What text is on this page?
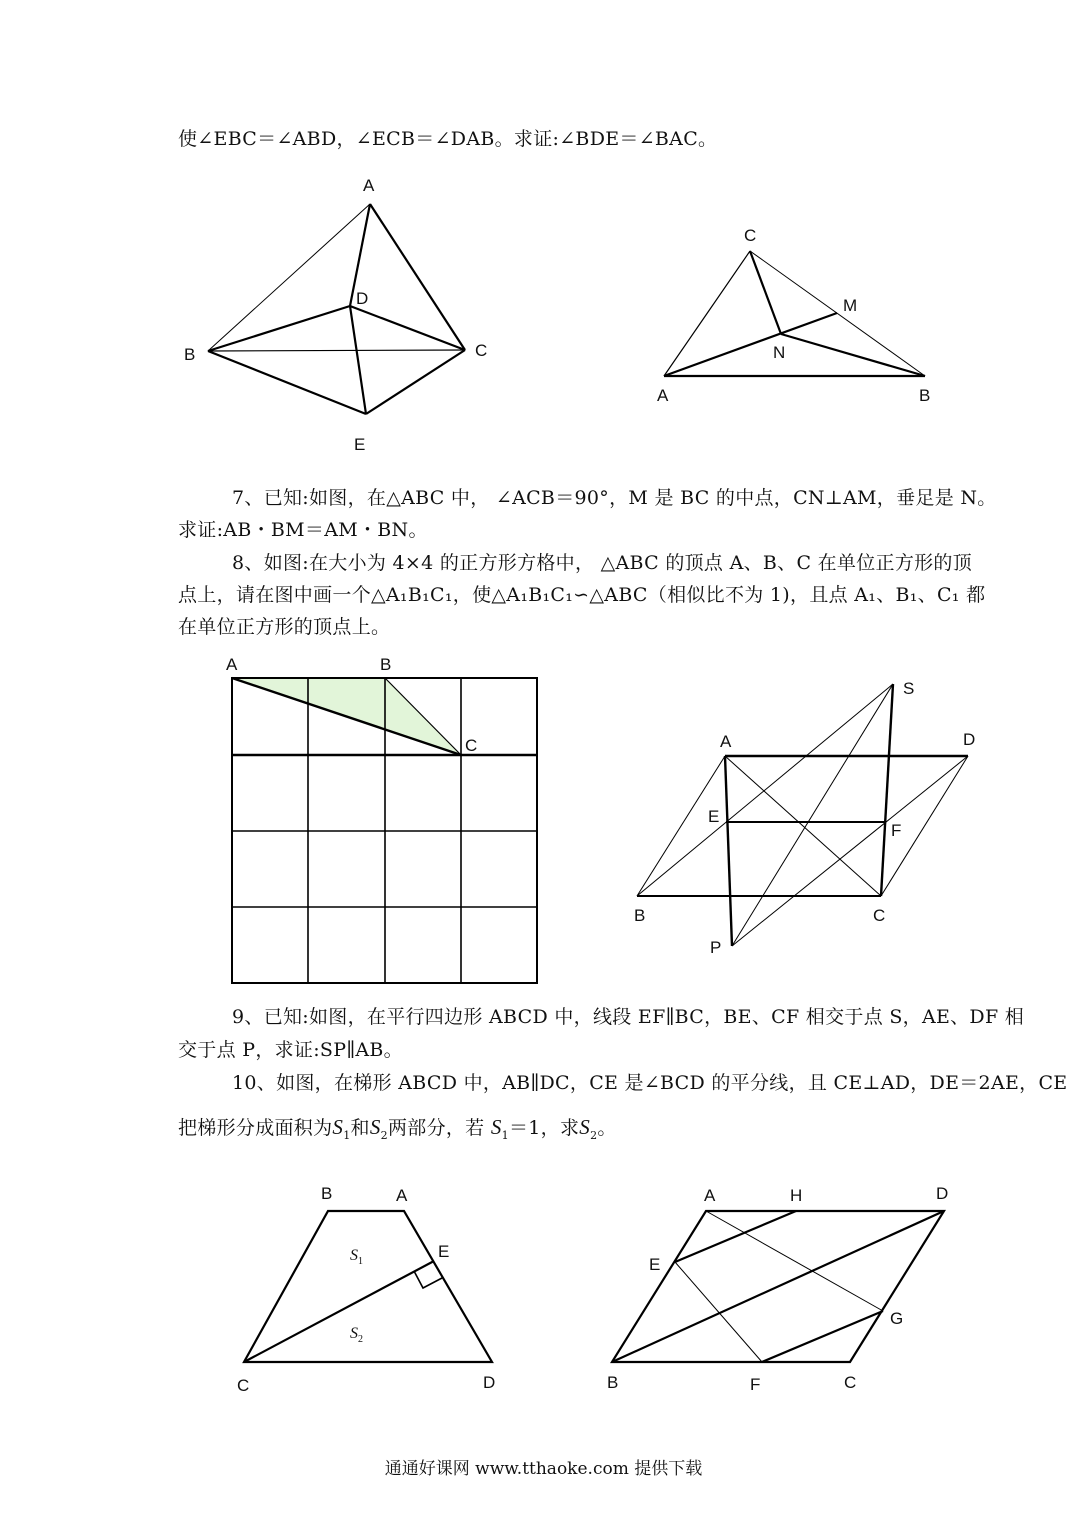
使∠EBC＝∠ABD，∠ECB＝∠DAB。求证:∠BDE＝∠BAC。
A
D
B	C
E
C
M
N
A	B
7、已知:如图，在△ABC 中， ∠ACB＝90°，M 是 BC 的中点，CN⊥AM，垂足是 N。
求证:AB・BM＝AM・BN。
8、如图:在大小为 4×4 的正方形方格中， △ABC 的顶点 A、B、C 在单位正方形的顶
点上，请在图中画一个△A₁B₁C₁，使△A₁B₁C₁∽△ABC（相似比不为 1)，且点 A₁、B₁、C₁ 都
在单位正方形的顶点上。
A	B
C
S
A	D
E
F
B	C
P
9、已知:如图，在平行四边形 ABCD 中，线段 EF∥BC，BE、CF 相交于点 S，AE、DF 相
交于点 P，求证:SP∥AB。
10、如图，在梯形 ABCD 中，AB∥DC，CE 是∠BCD 的平分线，且 CE⊥AD，DE＝2AE，CE
把梯形分成面积为$S_1$和$S_2$两部分，若 $S_1=1$，求$S_2$。
B	A
E
C	D
$S_1$
$S_2$
A	H	D
E
G
B	F	C
通通好课网 www.tthaoke.com 提供下载
